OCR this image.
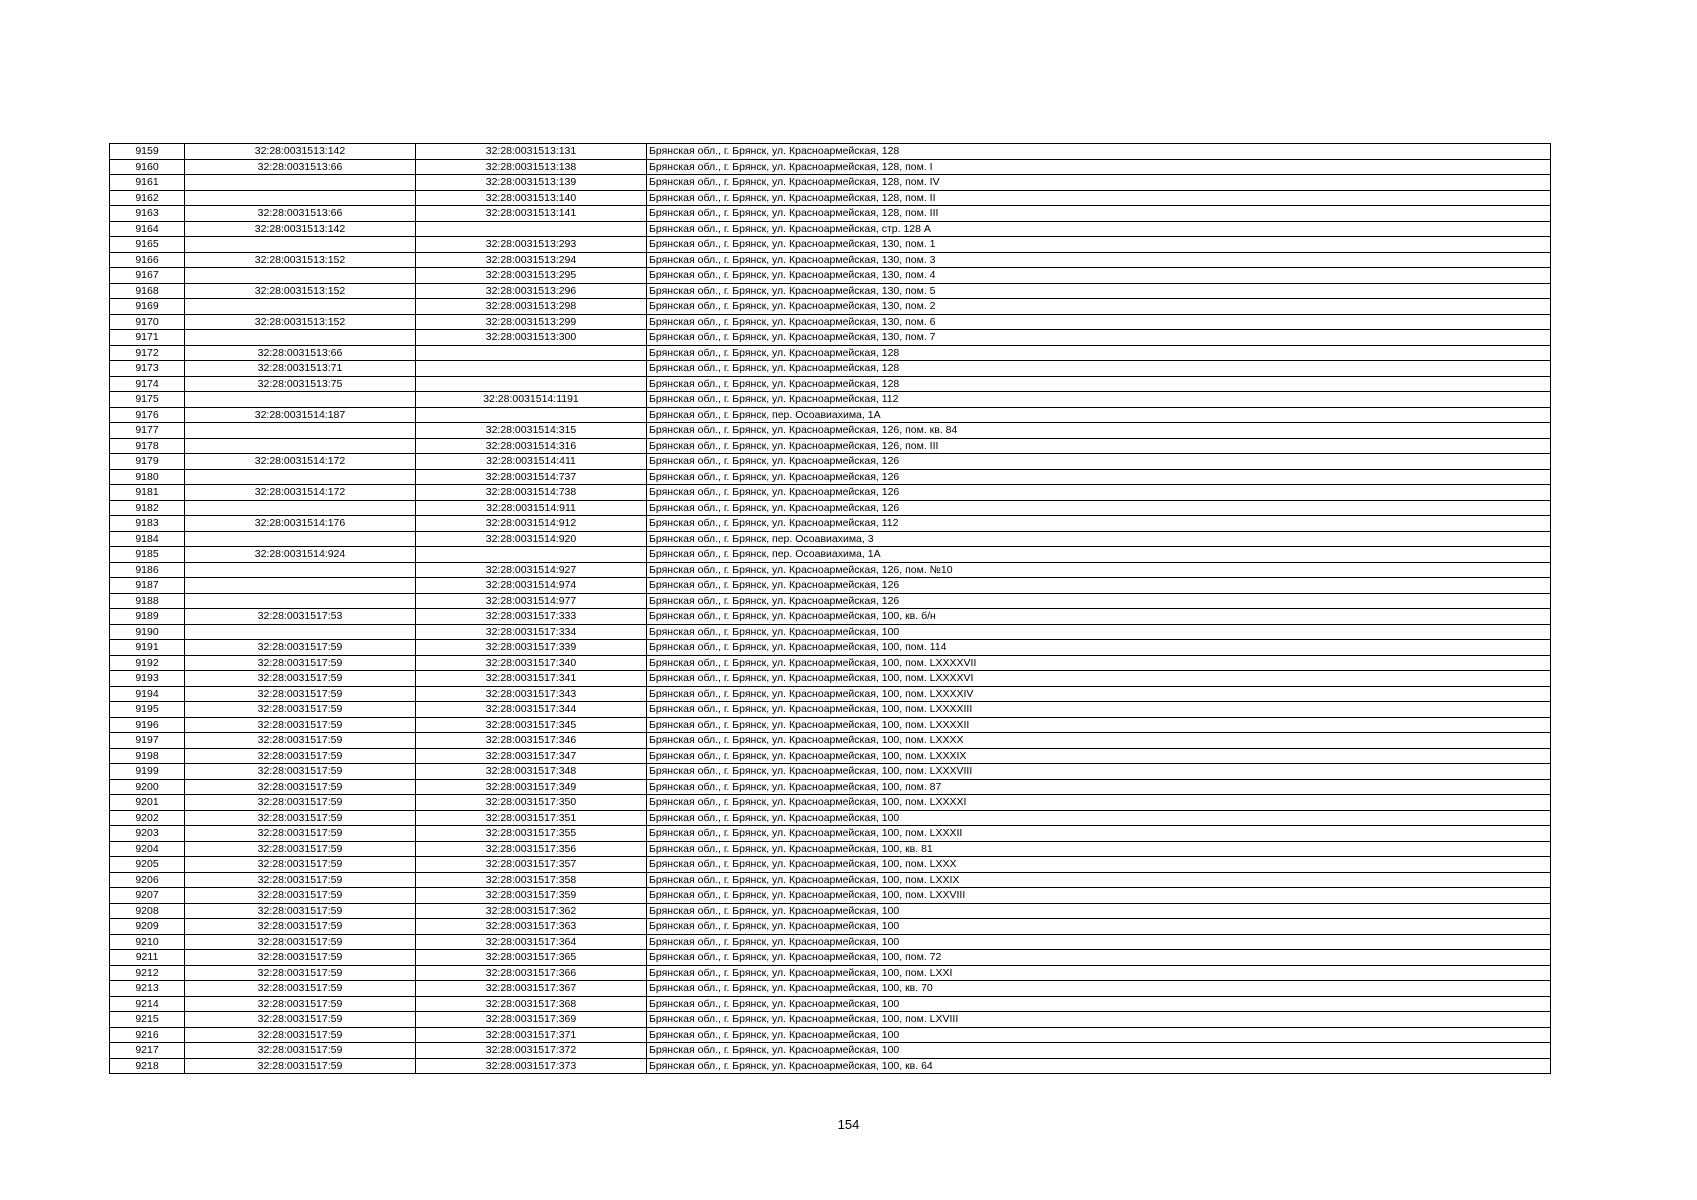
9159	32:28:0031513:142	32:28:0031513:131	Брянская обл., г. Брянск, ул. Красноармейская, 128
9160	32:28:0031513:66	32:28:0031513:138	Брянская обл., г. Брянск, ул. Красноармейская, 128, пом. I
9161		32:28:0031513:139	Брянская обл., г. Брянск, ул. Красноармейская, 128, пом. IV
9162		32:28:0031513:140	Брянская обл., г. Брянск, ул. Красноармейская, 128, пом. II
9163	32:28:0031513:66	32:28:0031513:141	Брянская обл., г. Брянск, ул. Красноармейская, 128, пом. III
9164	32:28:0031513:142		Брянская обл., г. Брянск, ул. Красноармейская, стр. 128 А
9165		32:28:0031513:293	Брянская обл., г. Брянск, ул. Красноармейская, 130, пом. 1
9166	32:28:0031513:152	32:28:0031513:294	Брянская обл., г. Брянск, ул. Красноармейская, 130, пом. 3
9167		32:28:0031513:295	Брянская обл., г. Брянск, ул. Красноармейская, 130, пом. 4
9168	32:28:0031513:152	32:28:0031513:296	Брянская обл., г. Брянск, ул. Красноармейская, 130, пом. 5
9169		32:28:0031513:298	Брянская обл., г. Брянск, ул. Красноармейская, 130, пом. 2
9170	32:28:0031513:152	32:28:0031513:299	Брянская обл., г. Брянск, ул. Красноармейская, 130, пом. 6
9171		32:28:0031513:300	Брянская обл., г. Брянск, ул. Красноармейская, 130, пом. 7
9172	32:28:0031513:66		Брянская обл., г. Брянск, ул. Красноармейская, 128
9173	32:28:0031513:71		Брянская обл., г. Брянск, ул. Красноармейская, 128
9174	32:28:0031513:75		Брянская обл., г. Брянск, ул. Красноармейская, 128
9175		32:28:0031514:1191	Брянская обл., г. Брянск, ул. Красноармейская, 112
9176	32:28:0031514:187		Брянская обл., г. Брянск, пер. Осоавиахима, 1А
9177		32:28:0031514:315	Брянская обл., г. Брянск, ул. Красноармейская, 126, пом. кв. 84
9178		32:28:0031514:316	Брянская обл., г. Брянск, ул. Красноармейская, 126, пом. III
9179	32:28:0031514:172	32:28:0031514:411	Брянская обл., г. Брянск, ул. Красноармейская, 126
9180		32:28:0031514:737	Брянская обл., г. Брянск, ул. Красноармейская, 126
9181	32:28:0031514:172	32:28:0031514:738	Брянская обл., г. Брянск, ул. Красноармейская, 126
9182		32:28:0031514:911	Брянская обл., г. Брянск, ул. Красноармейская, 126
9183	32:28:0031514:176	32:28:0031514:912	Брянская обл., г. Брянск, ул. Красноармейская, 112
9184		32:28:0031514:920	Брянская обл., г. Брянск, пер. Осоавиахима, 3
9185	32:28:0031514:924		Брянская обл., г. Брянск, пер. Осоавиахима, 1А
9186		32:28:0031514:927	Брянская обл., г. Брянск, ул. Красноармейская, 126, пом. №10
9187		32:28:0031514:974	Брянская обл., г. Брянск, ул. Красноармейская, 126
9188		32:28:0031514:977	Брянская обл., г. Брянск, ул. Красноармейская, 126
9189	32:28:0031517:53	32:28:0031517:333	Брянская обл., г. Брянск, ул. Красноармейская, 100, кв. б/н
9190		32:28:0031517:334	Брянская обл., г. Брянск, ул. Красноармейская, 100
9191	32:28:0031517:59	32:28:0031517:339	Брянская обл., г. Брянск, ул. Красноармейская, 100, пом. 114
9192	32:28:0031517:59	32:28:0031517:340	Брянская обл., г. Брянск, ул. Красноармейская, 100, пом. LXXXXVII
9193	32:28:0031517:59	32:28:0031517:341	Брянская обл., г. Брянск, ул. Красноармейская, 100, пом. LXXXXVI
9194	32:28:0031517:59	32:28:0031517:343	Брянская обл., г. Брянск, ул. Красноармейская, 100, пом. LXXXXIV
9195	32:28:0031517:59	32:28:0031517:344	Брянская обл., г. Брянск, ул. Красноармейская, 100, пом. LXXXXIII
9196	32:28:0031517:59	32:28:0031517:345	Брянская обл., г. Брянск, ул. Красноармейская, 100, пом. LXXXXII
9197	32:28:0031517:59	32:28:0031517:346	Брянская обл., г. Брянск, ул. Красноармейская, 100, пом. LXXXX
9198	32:28:0031517:59	32:28:0031517:347	Брянская обл., г. Брянск, ул. Красноармейская, 100, пом. LXXXIX
9199	32:28:0031517:59	32:28:0031517:348	Брянская обл., г. Брянск, ул. Красноармейская, 100, пом. LXXXVIII
9200	32:28:0031517:59	32:28:0031517:349	Брянская обл., г. Брянск, ул. Красноармейская, 100, пом. 87
9201	32:28:0031517:59	32:28:0031517:350	Брянская обл., г. Брянск, ул. Красноармейская, 100, пом. LXXXXI
9202	32:28:0031517:59	32:28:0031517:351	Брянская обл., г. Брянск, ул. Красноармейская, 100
9203	32:28:0031517:59	32:28:0031517:355	Брянская обл., г. Брянск, ул. Красноармейская, 100, пом. LXXXII
9204	32:28:0031517:59	32:28:0031517:356	Брянская обл., г. Брянск, ул. Красноармейская, 100, кв. 81
9205	32:28:0031517:59	32:28:0031517:357	Брянская обл., г. Брянск, ул. Красноармейская, 100, пом. LXXX
9206	32:28:0031517:59	32:28:0031517:358	Брянская обл., г. Брянск, ул. Красноармейская, 100, пом. LXXIX
9207	32:28:0031517:59	32:28:0031517:359	Брянская обл., г. Брянск, ул. Красноармейская, 100, пом. LXXVIII
9208	32:28:0031517:59	32:28:0031517:362	Брянская обл., г. Брянск, ул. Красноармейская, 100
9209	32:28:0031517:59	32:28:0031517:363	Брянская обл., г. Брянск, ул. Красноармейская, 100
9210	32:28:0031517:59	32:28:0031517:364	Брянская обл., г. Брянск, ул. Красноармейская, 100
9211	32:28:0031517:59	32:28:0031517:365	Брянская обл., г. Брянск, ул. Красноармейская, 100, пом. 72
9212	32:28:0031517:59	32:28:0031517:366	Брянская обл., г. Брянск, ул. Красноармейская, 100, пом. LXXI
9213	32:28:0031517:59	32:28:0031517:367	Брянская обл., г. Брянск, ул. Красноармейская, 100, кв. 70
9214	32:28:0031517:59	32:28:0031517:368	Брянская обл., г. Брянск, ул. Красноармейская, 100
9215	32:28:0031517:59	32:28:0031517:369	Брянская обл., г. Брянск, ул. Красноармейская, 100, пом. LXVIII
9216	32:28:0031517:59	32:28:0031517:371	Брянская обл., г. Брянск, ул. Красноармейская, 100
9217	32:28:0031517:59	32:28:0031517:372	Брянская обл., г. Брянск, ул. Красноармейская, 100
9218	32:28:0031517:59	32:28:0031517:373	Брянская обл., г. Брянск, ул. Красноармейская, 100, кв. 64
154
